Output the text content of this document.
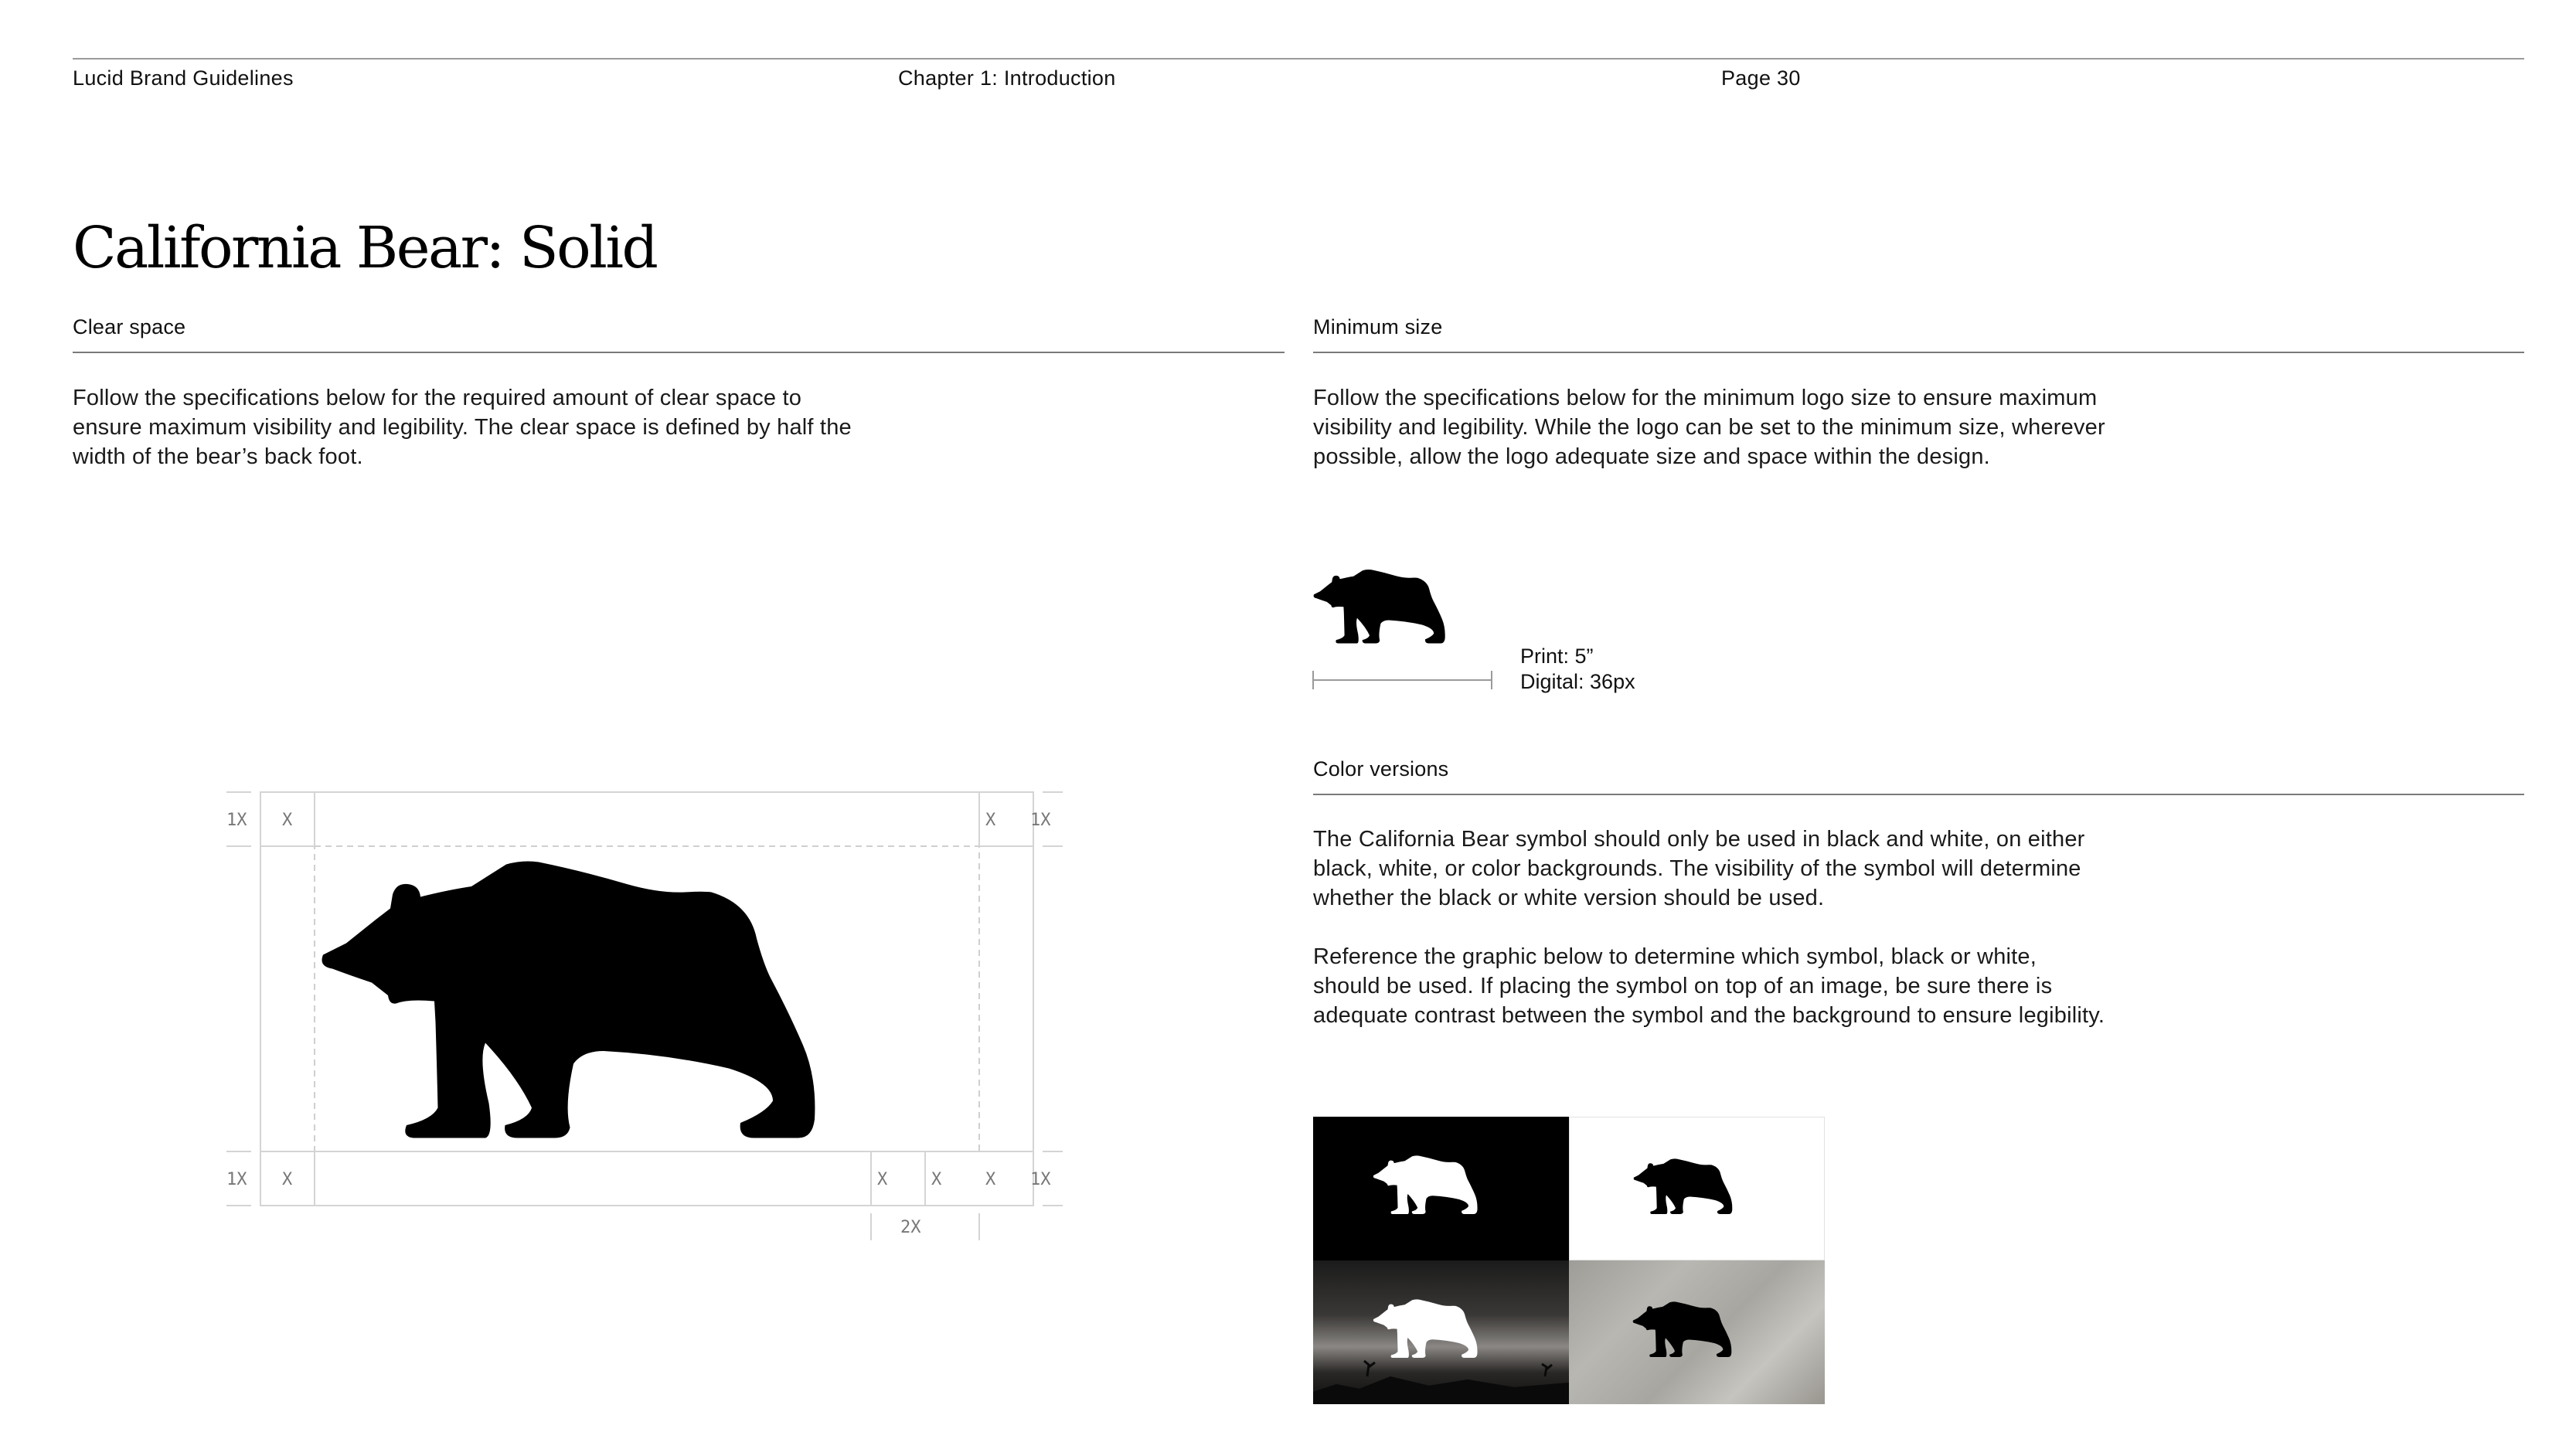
Lucid Brand Guidelines	Chapter 1: Introduction	Page 30
California Bear: Solid
Clear space
Follow the specifications below for the required amount of clear space to ensure maximum visibility and legibility. The clear space is defined by half the width of the bear’s back foot.
1X X	X 1X
1X X	X	X	X 1X
2X
Minimum size
Follow the specifications below for the minimum logo size to ensure maximum visibility and legibility. While the logo can be set to the minimum size, wherever possible, allow the logo adequate size and space within the design.
Print: 5”
Digital: 36px
Color versions
The California Bear symbol should only be used in black and white, on either black, white, or color backgrounds. The visibility of the symbol will determine whether the black or white version should be used.
Reference the graphic below to determine which symbol, black or white, should be used. If placing the symbol on top of an image, be sure there is adequate contrast between the symbol and the background to ensure legibility.
